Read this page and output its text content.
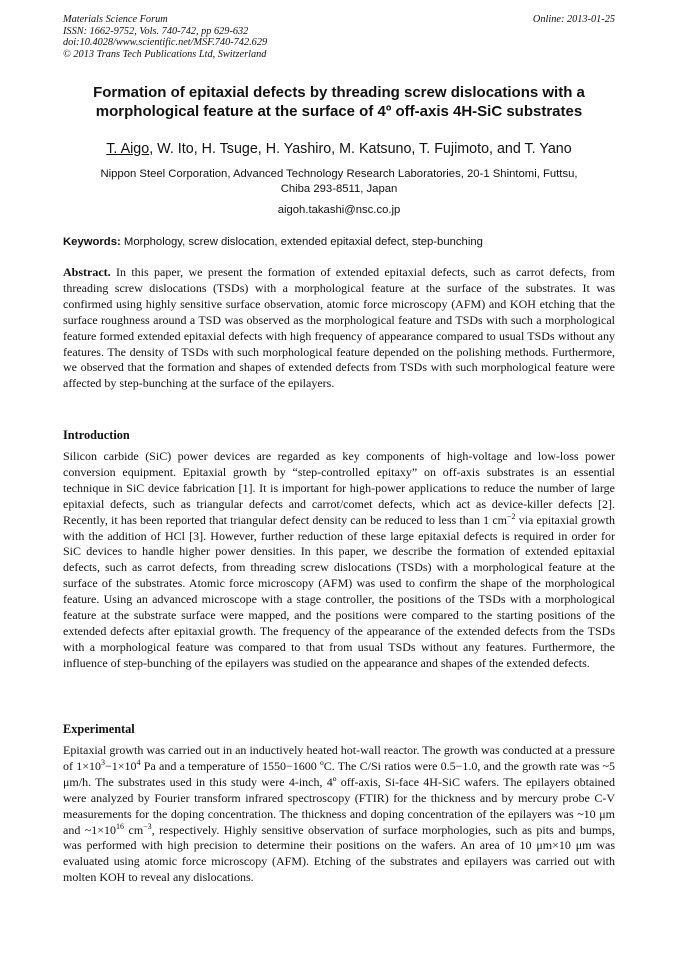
Materials Science Forum
ISSN: 1662-9752, Vols. 740-742, pp 629-632
doi:10.4028/www.scientific.net/MSF.740-742.629
© 2013 Trans Tech Publications Ltd, Switzerland
Online: 2013-01-25
Formation of epitaxial defects by threading screw dislocations with a
morphological feature at the surface of 4º off-axis 4H-SiC substrates
T. Aigo, W. Ito, H. Tsuge, H. Yashiro, M. Katsuno, T. Fujimoto, and T. Yano
Nippon Steel Corporation, Advanced Technology Research Laboratories, 20-1 Shintomi, Futtsu,
Chiba 293-8511, Japan
aigoh.takashi@nsc.co.jp
Keywords: Morphology, screw dislocation, extended epitaxial defect, step-bunching
Abstract. In this paper, we present the formation of extended epitaxial defects, such as carrot defects, from threading screw dislocations (TSDs) with a morphological feature at the surface of the substrates. It was confirmed using highly sensitive surface observation, atomic force microscopy (AFM) and KOH etching that the surface roughness around a TSD was observed as the morphological feature and TSDs with such a morphological feature formed extended epitaxial defects with high frequency of appearance compared to usual TSDs without any features. The density of TSDs with such morphological feature depended on the polishing methods. Furthermore, we observed that the formation and shapes of extended defects from TSDs with such morphological feature were affected by step-bunching at the surface of the epilayers.
Introduction
Silicon carbide (SiC) power devices are regarded as key components of high-voltage and low-loss power conversion equipment. Epitaxial growth by “step-controlled epitaxy” on off-axis substrates is an essential technique in SiC device fabrication [1]. It is important for high-power applications to reduce the number of large epitaxial defects, such as triangular defects and carrot/comet defects, which act as device-killer defects [2]. Recently, it has been reported that triangular defect density can be reduced to less than 1 $cm^{-2}$ via epitaxial growth with the addition of HCl [3]. However, further reduction of these large epitaxial defects is required in order for SiC devices to handle higher power densities. In this paper, we describe the formation of extended epitaxial defects, such as carrot defects, from threading screw dislocations (TSDs) with a morphological feature at the surface of the substrates. Atomic force microscopy (AFM) was used to confirm the shape of the morphological feature. Using an advanced microscope with a stage controller, the positions of the TSDs with a morphological feature at the substrate surface were mapped, and the positions were compared to the starting positions of the extended defects after epitaxial growth. The frequency of the appearance of the extended defects from the TSDs with a morphological feature was compared to that from usual TSDs without any features. Furthermore, the influence of step-bunching of the epilayers was studied on the appearance and shapes of the extended defects.
Experimental
Epitaxial growth was carried out in an inductively heated hot-wall reactor. The growth was conducted at a pressure of $1\times 10^3-1\times 10^4$ Pa and a temperature of 1550−1600 ºC. The C/Si ratios were 0.5−1.0, and the growth rate was ~5 μm/h. The substrates used in this study were 4-inch, 4º off-axis, Si-face 4H-SiC wafers. The epilayers obtained were analyzed by Fourier transform infrared spectroscopy (FTIR) for the thickness and by mercury probe C-V measurements for the doping concentration. The thickness and doping concentration of the epilayers was ~10 μm and $\sim 1\times 10^{16}$ $cm^{-3}$, respectively. Highly sensitive observation of surface morphologies, such as pits and bumps, was performed with high precision to determine their positions on the wafers. An area of 10 μm×10 μm was evaluated using atomic force microscopy (AFM). Etching of the substrates and epilayers was carried out with molten KOH to reveal any dislocations.
